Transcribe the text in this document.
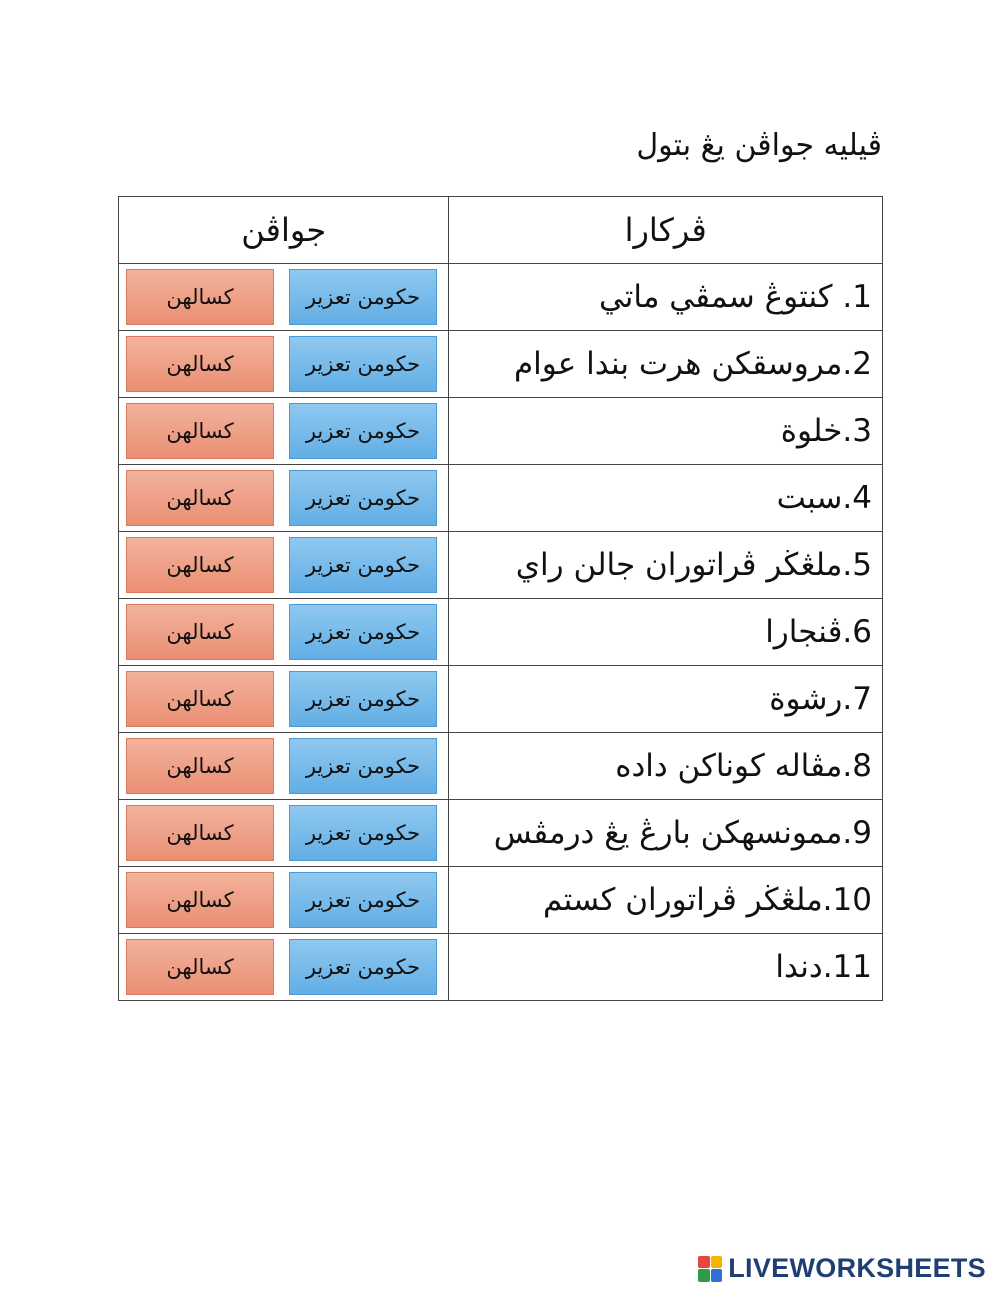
ڤيليه جواڤن يڠ بتول
جواڤن	ڤركارا

كسالهن حكومن تعزير	1. كنتوڠ سمڤي ماتي

كسالهن حكومن تعزير	2.مروسقكن هرت بندا عوام

كسالهن حكومن تعزير	3.خلوة

كسالهن حكومن تعزير	4.سبت

كسالهن حكومن تعزير	5.ملڠڬر ڤراتوران جالن راي

كسالهن حكومن تعزير	6.ڤنجارا

كسالهن حكومن تعزير	7.رشوة

كسالهن حكومن تعزير	8.مڤاله كوناكن داده

كسالهن حكومن تعزير	9.ممونسهكن بارڠ يڠ درمڤس

كسالهن حكومن تعزير	10.ملڠڬر ڤراتوران كستم

كسالهن حكومن تعزير	11.دندا
LIVEWORKSHEETS
